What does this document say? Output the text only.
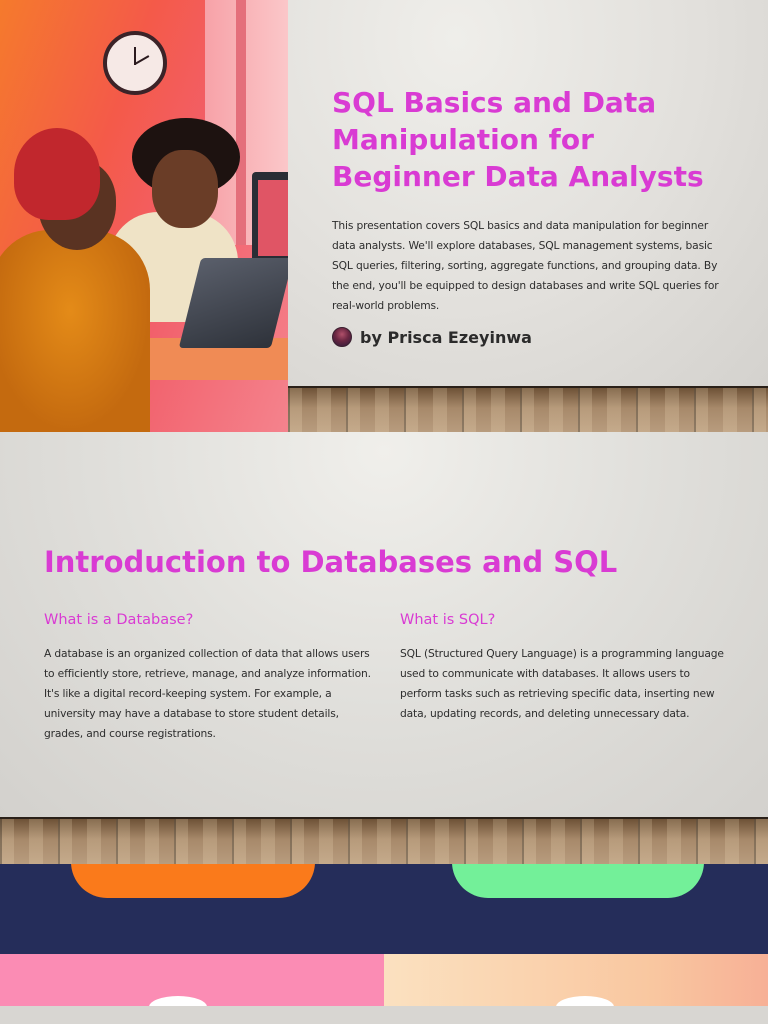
SQL Basics and Data Manipulation for Beginner Data Analysts

This presentation covers SQL basics and data manipulation for beginner data analysts. We'll explore databases, SQL management systems, basic SQL queries, filtering, sorting, aggregate functions, and grouping data. By the end, you'll be equipped to design databases and write SQL queries for real-world problems.

by Prisca Ezeyinwa
Introduction to Databases and SQL
What is a Database?

A database is an organized collection of data that allows users to efficiently store, retrieve, manage, and analyze information. It's like a digital record-keeping system. For example, a university may have a database to store student details, grades, and course registrations.

What is SQL?

SQL (Structured Query Language) is a programming language used to communicate with databases. It allows users to perform tasks such as retrieving specific data, inserting new data, updating records, and deleting unnecessary data.
